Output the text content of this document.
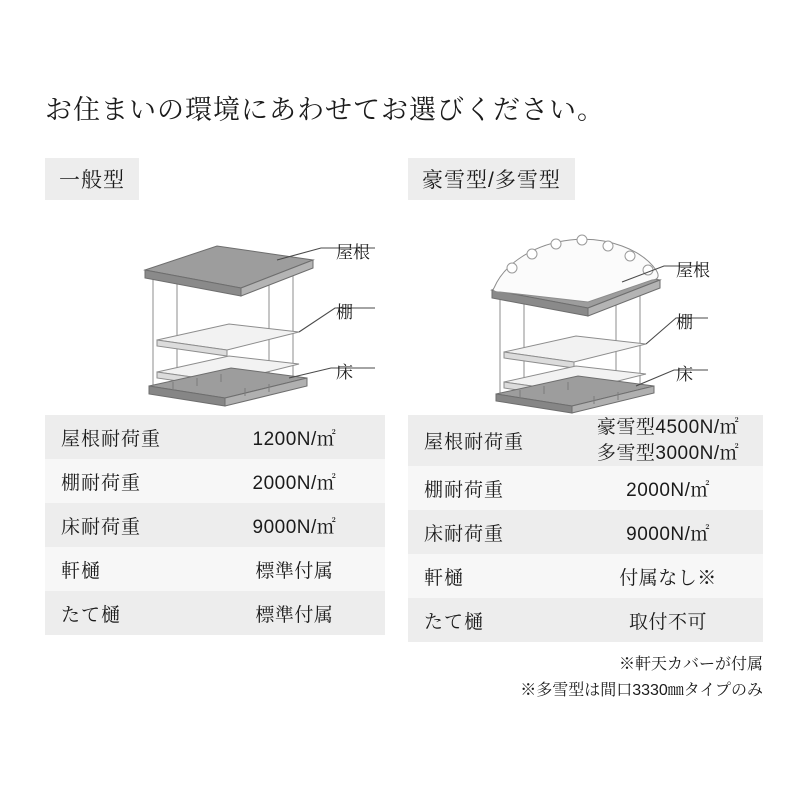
お住まいの環境にあわせてお選びください。
一般型
屋根
棚
床
屋根耐荷重	1200N/㎡
棚耐荷重	2000N/㎡
床耐荷重	9000N/㎡
軒樋	標準付属
たて樋	標準付属
豪雪型/多雪型
屋根
棚
床
屋根耐荷重	豪雪型4500N/㎡
多雪型3000N/㎡

棚耐荷重	2000N/㎡
床耐荷重	9000N/㎡
軒樋	付属なし※
たて樋	取付不可
※軒天カバーが付属
※多雪型は間口3330㎜タイプのみ
